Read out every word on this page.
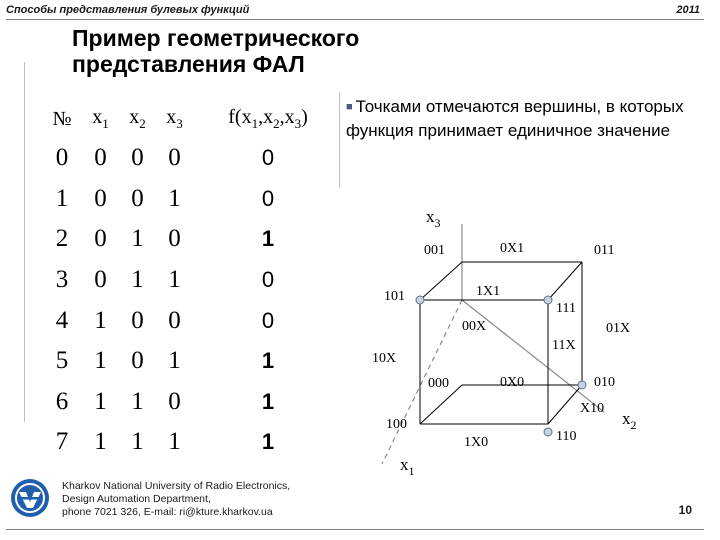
Способы представления булевых функций	2011
Пример геометрического
представления ФАЛ
№	$x_1$	$x_2$	$x_3$	$f(x_1,x_2,x_3)$
0	0	0	0	0
1	0	0	1	0
2	0	1	0	1
3	0	1	1	0
4	1	0	0	0
5	1	0	1	1
6	1	1	0	1
7	1	1	1	1
■ Точками отмечаются вершины, в которых функция принимает единичное значение
$x_3$
$x_2$
$x_1$
001	011
101
111
000	010
100
110
0X1
1X1
00X
11X
01X
10X
0X0
X10
1X0
Kharkov National University of Radio Electronics,
Design Automation Department,
phone 7021 326, E-mail: ri@kture.kharkov.ua	10
